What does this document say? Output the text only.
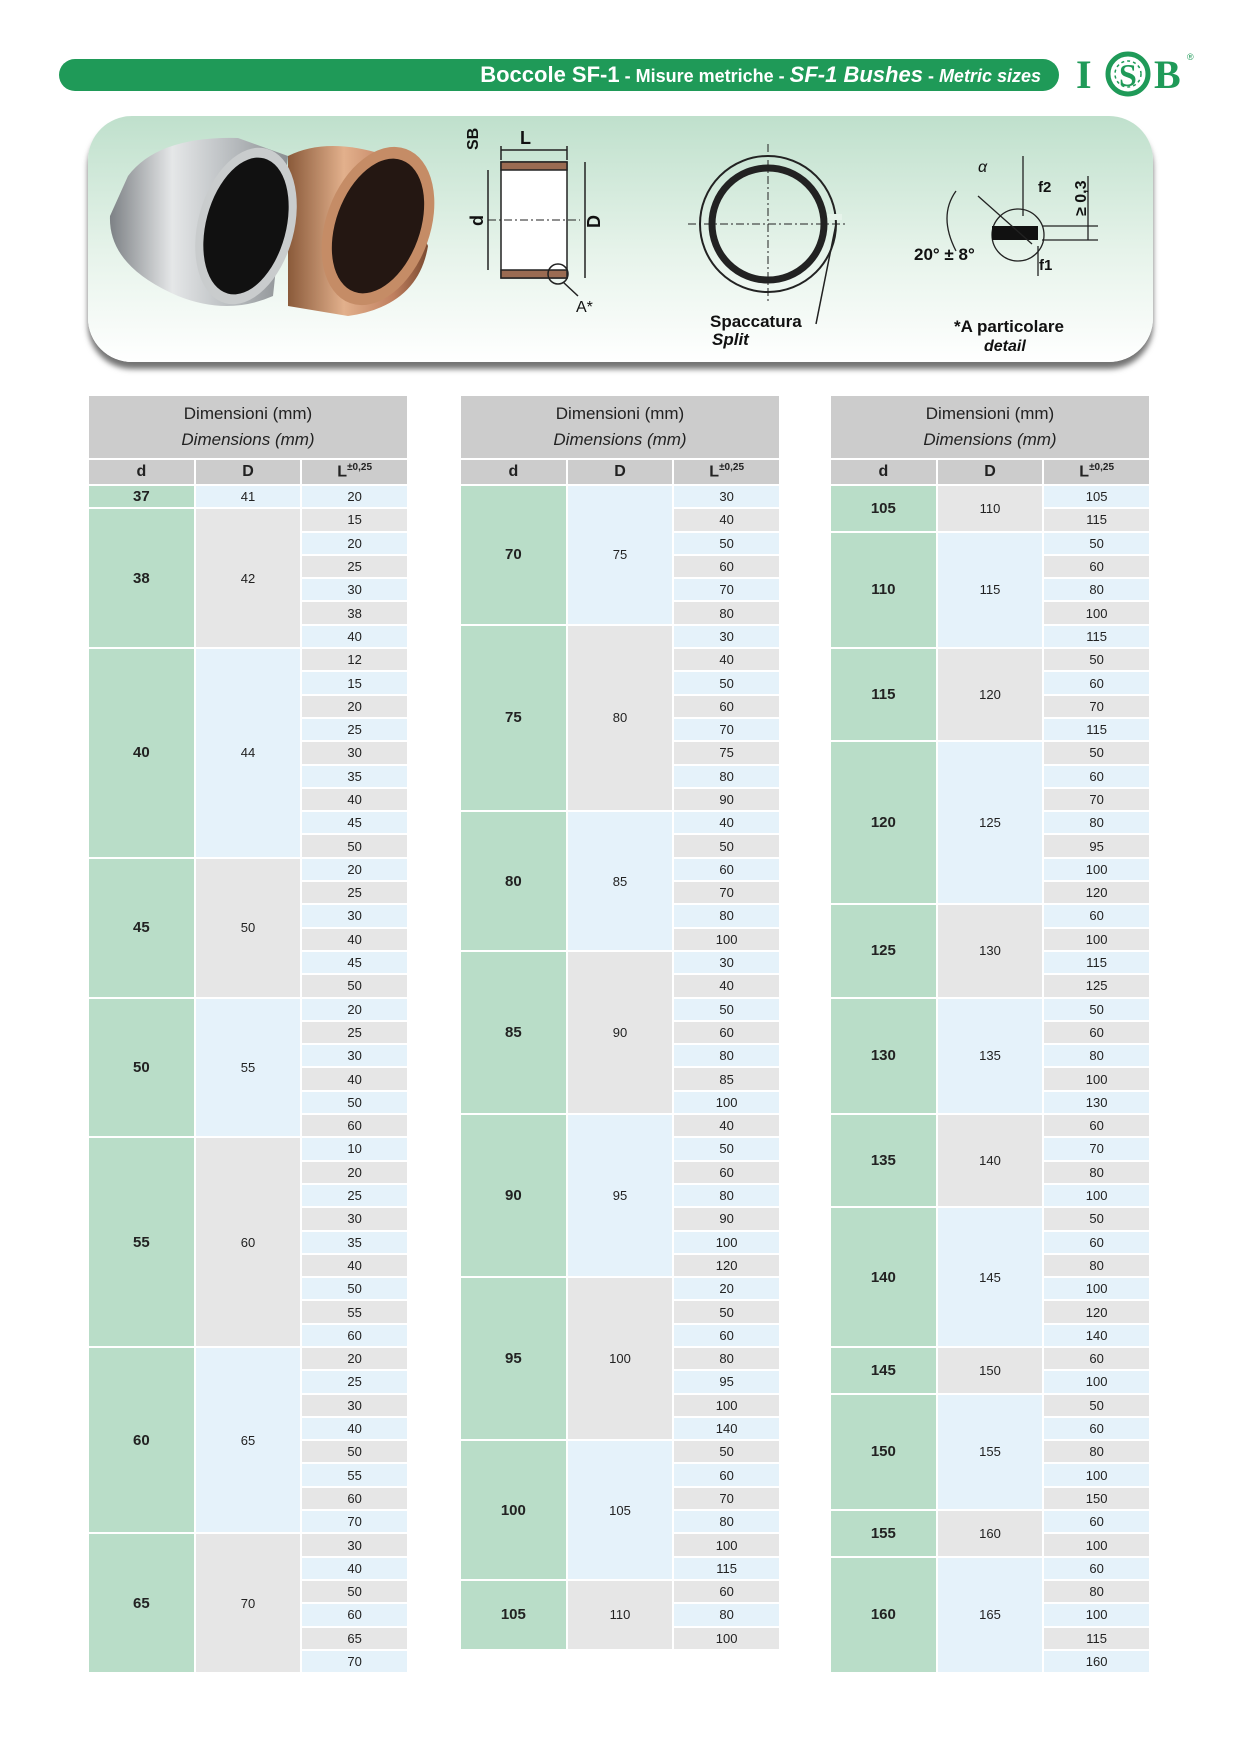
Boccole SF-1 - Misure metriche - SF-1 Bushes - Metric sizes I S B ®
L
SB
d	D
A*
Spaccatura
Split
α
f2
f1
≥ 0,3
20° ± 8°
*A particolare
detail
Dimensioni (mm)
Dimensions (mm)		

d	D	$L^{\pm 0,25}$
37	41	20
38	42	15
		20
		25
		30
		38
		40
40	44	12
		15
		20
		25
		30
		35
		40
		45
		50
45	50	20
		25
		30
		40
		45
		50
50	55	20
		25
		30
		40
		50
		60
55	60	10
		20
		25
		30
		35
		40
		50
		55
		60
60	65	20
		25
		30
		40
		50
		55
		60
		70
65	70	30
		40
		50
		60
		65
		70
Dimensioni (mm)
Dimensions (mm)		

d	D	$L^{\pm 0,25}$
70	75	30
		40
		50
		60
		70
		80
75	80	30
		40
		50
		60
		70
		75
		80
		90
80	85	40
		50
		60
		70
		80
		100
85	90	30
		40
		50
		60
		80
		85
		100
90	95	40
		50
		60
		80
		90
		100
		120
95	100	20
		50
		60
		80
		95
		100
		140
100	105	50
		60
		70
		80
		100
		115
105	110	60
		80
		100
Dimensioni (mm)
Dimensions (mm)		

d	D	$L^{\pm 0,25}$
105	110	105
		115
110	115	50
		60
		80
		100
		115
115	120	50
		60
		70
		115
120	125	50
		60
		70
		80
		95
		100
		120
125	130	60
		100
		115
		125
130	135	50
		60
		80
		100
		130
135	140	60
		70
		80
		100
140	145	50
		60
		80
		100
		120
		140
145	150	60
		100
150	155	50
		60
		80
		100
		150
155	160	60
		100
160	165	60
		80
		100
		115
		160
